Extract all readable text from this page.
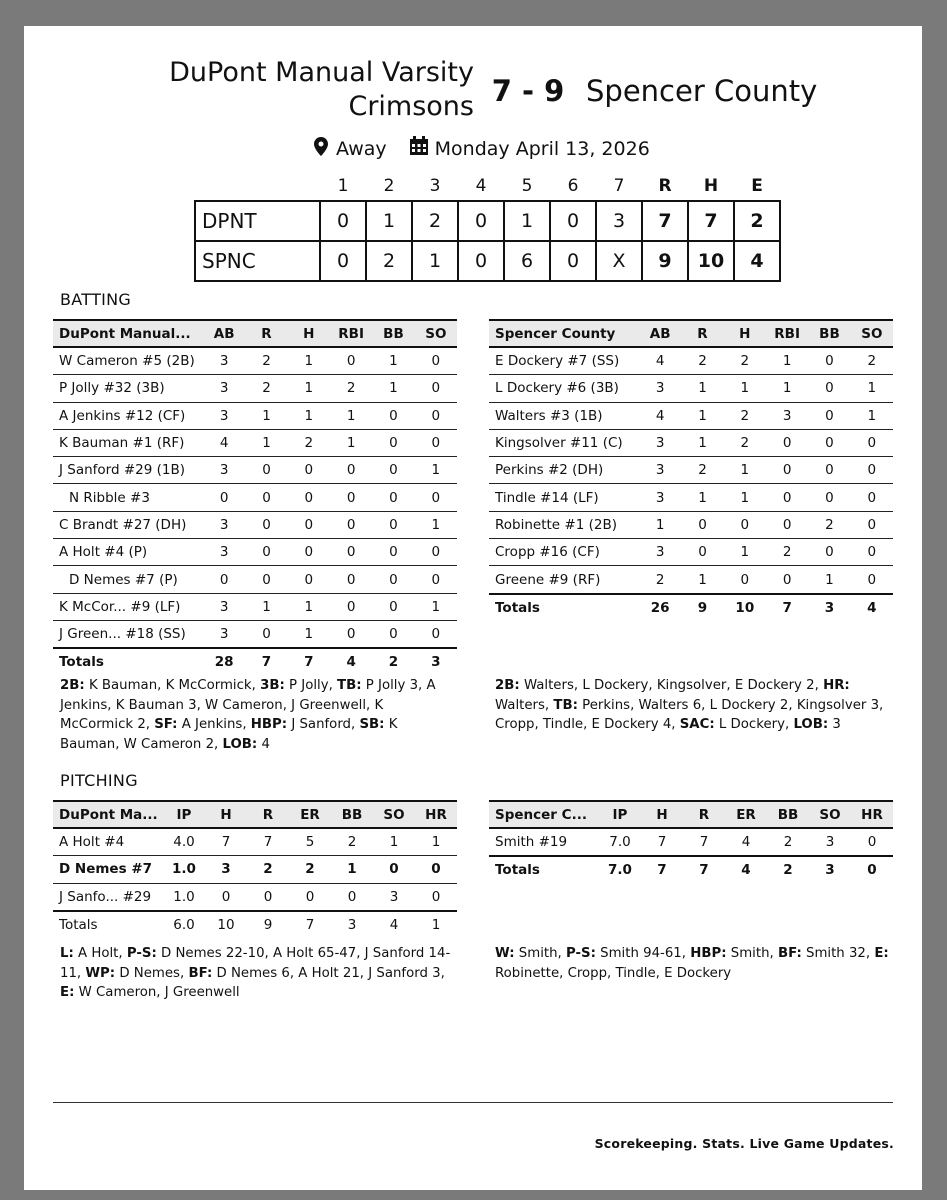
DuPont Manual Varsity Crimsons 7 - 9 Spencer County
Away	Monday April 13, 2026
	1	2	3	4	5	6	7	R	H	E
DPNT	0	1	2	0	1	0	3	7	7	2
SPNC	0	2	1	0	6	0	X	9	10	4
BATTING
DuPont Manual...	AB	R	H	RBI	BB	SO
W Cameron #5 (2B)	3	2	1	0	1	0
P Jolly #32 (3B)	3	2	1	2	1	0
A Jenkins #12 (CF)	3	1	1	1	0	0
K Bauman #1 (RF)	4	1	2	1	0	0
J Sanford #29 (1B)	3	0	0	0	0	1
N Ribble #3	0	0	0	0	0	0
C Brandt #27 (DH)	3	0	0	0	0	1
A Holt #4 (P)	3	0	0	0	0	0
D Nemes #7 (P)	0	0	0	0	0	0
K McCor... #9 (LF)	3	1	1	0	0	1
J Green... #18 (SS)	3	0	1	0	0	0
Totals	28	7	7	4	2	3
Spencer County	AB	R	H	RBI	BB	SO
E Dockery #7 (SS)	4	2	2	1	0	2
L Dockery #6 (3B)	3	1	1	1	0	1
Walters #3 (1B)	4	1	2	3	0	1
Kingsolver #11 (C)	3	1	2	0	0	0
Perkins #2 (DH)	3	2	1	0	0	0
Tindle #14 (LF)	3	1	1	0	0	0
Robinette #1 (2B)	1	0	0	0	2	0
Cropp #16 (CF)	3	0	1	2	0	0
Greene #9 (RF)	2	1	0	0	1	0
Totals	26	9	10	7	3	4
2B: K Bauman, K McCormick, 3B: P Jolly, TB: P Jolly 3, A Jenkins, K Bauman 3, W Cameron, J Greenwell, K McCormick 2, SF: A Jenkins, HBP: J Sanford, SB: K Bauman, W Cameron 2, LOB: 4
2B: Walters, L Dockery, Kingsolver, E Dockery 2, HR: Walters, TB: Perkins, Walters 6, L Dockery 2, Kingsolver 3, Cropp, Tindle, E Dockery 4, SAC: L Dockery, LOB: 3
PITCHING
DuPont Ma...	IP	H	R	ER	BB	SO	HR
A Holt #4	4.0	7	7	5	2	1	1
D Nemes #7	1.0	3	2	2	1	0	0
J Sanfo... #29	1.0	0	0	0	0	3	0
Totals	6.0	10	9	7	3	4	1
Spencer C...	IP	H	R	ER	BB	SO	HR
Smith #19	7.0	7	7	4	2	3	0
Totals	7.0	7	7	4	2	3	0
L: A Holt, P-S: D Nemes 22-10, A Holt 65-47, J Sanford 14-11, WP: D Nemes, BF: D Nemes 6, A Holt 21, J Sanford 3, E: W Cameron, J Greenwell
W: Smith, P-S: Smith 94-61, HBP: Smith, BF: Smith 32, E: Robinette, Cropp, Tindle, E Dockery
Scorekeeping. Stats. Live Game Updates.
